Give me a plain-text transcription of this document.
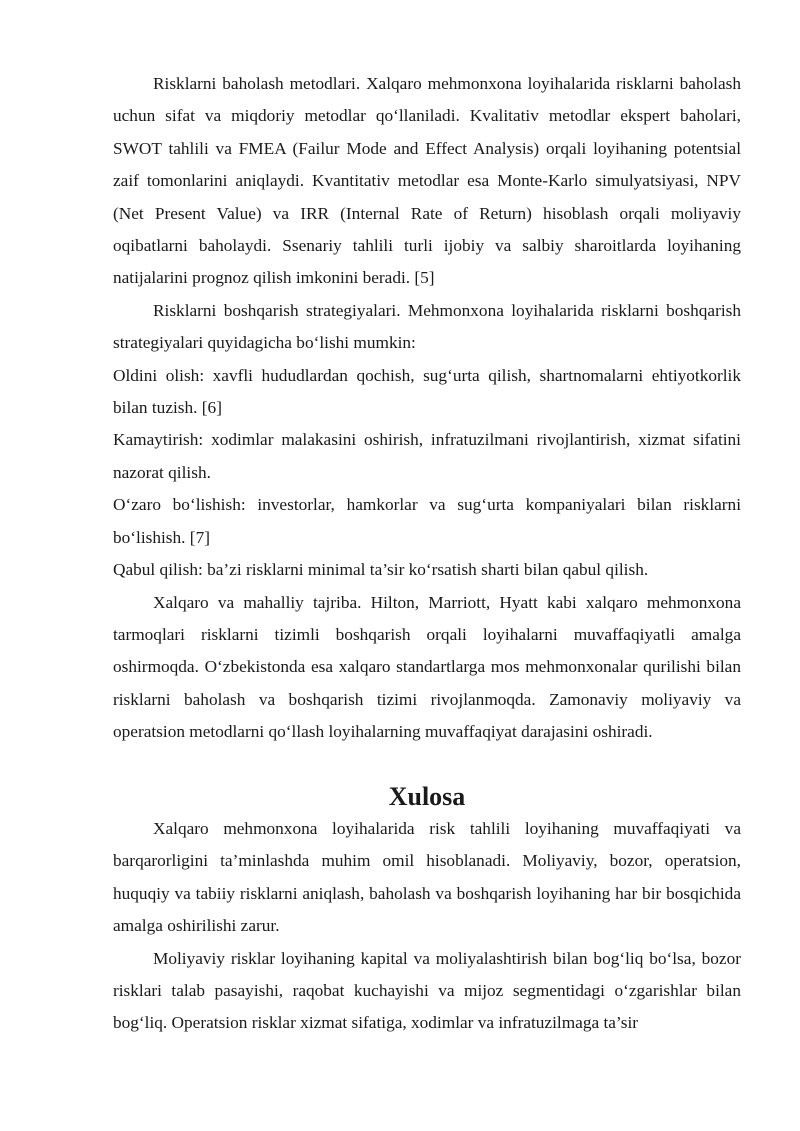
Risklarni baholash metodlari. Xalqaro mehmonxona loyihalarida risklarni baholash uchun sifat va miqdoriy metodlar qo‘llaniladi. Kvalitativ metodlar ekspert baholari, SWOT tahlili va FMEA (Failur Mode and Effect Analysis) orqali loyihaning potentsial zaif tomonlarini aniqlaydi. Kvantitativ metodlar esa Monte-Karlo simulyatsiyasi, NPV (Net Present Value) va IRR (Internal Rate of Return) hisoblash orqali moliyaviy oqibatlarni baholaydi. Ssenariy tahlili turli ijobiy va salbiy sharoitlarda loyihaning natijalarini prognoz qilish imkonini beradi. [5]

Risklarni boshqarish strategiyalari. Mehmonxona loyihalarida risklarni boshqarish strategiyalari quyidagicha bo‘lishi mumkin:

Oldini olish: xavfli hududlardan qochish, sug‘urta qilish, shartnomalarni ehtiyotkorlik bilan tuzish. [6]

Kamaytirish: xodimlar malakasini oshirish, infratuzilmani rivojlantirish, xizmat sifatini nazorat qilish.

O‘zaro bo‘lishish: investorlar, hamkorlar va sug‘urta kompaniyalari bilan risklarni bo‘lishish. [7]

Qabul qilish: ba’zi risklarni minimal ta’sir ko‘rsatish sharti bilan qabul qilish.

Xalqaro va mahalliy tajriba. Hilton, Marriott, Hyatt kabi xalqaro mehmonxona tarmoqlari risklarni tizimli boshqarish orqali loyihalarni muvaffaqiyatli amalga oshirmoqda. O‘zbekistonda esa xalqaro standartlarga mos mehmonxonalar qurilishi bilan risklarni baholash va boshqarish tizimi rivojlanmoqda. Zamonaviy moliyaviy va operatsion metodlarni qo‘llash loyihalarning muvaffaqiyat darajasini oshiradi.

Xulosa

Xalqaro mehmonxona loyihalarida risk tahlili loyihaning muvaffaqiyati va barqarorligini ta’minlashda muhim omil hisoblanadi. Moliyaviy, bozor, operatsion, huquqiy va tabiiy risklarni aniqlash, baholash va boshqarish loyihaning har bir bosqichida amalga oshirilishi zarur.

Moliyaviy risklar loyihaning kapital va moliyalashtirish bilan bog‘liq bo‘lsa, bozor risklari talab pasayishi, raqobat kuchayishi va mijoz segmentidagi o‘zgarishlar bilan bog‘liq. Operatsion risklar xizmat sifatiga, xodimlar va infratuzilmaga ta’sir
